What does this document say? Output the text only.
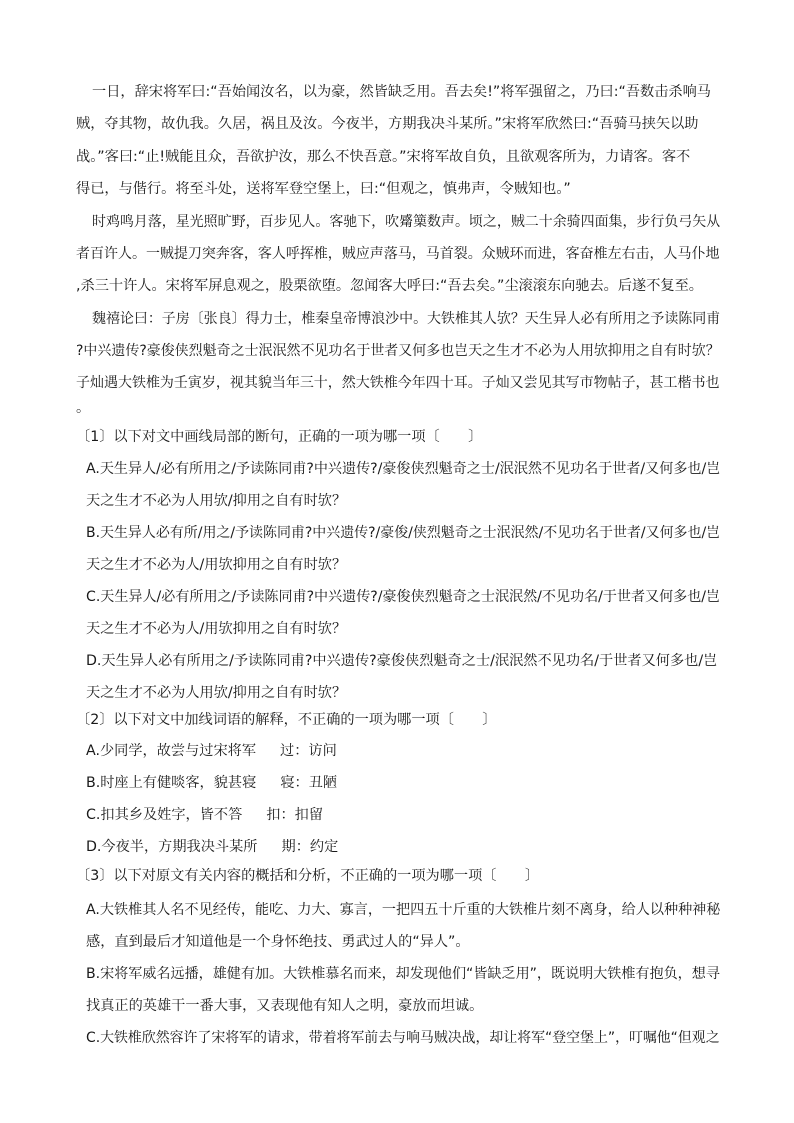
一日，辞宋将军曰:“吾始闻汝名，以为豪，然皆缺乏用。吾去矣!”将军强留之，乃曰:“吾数击杀响马
贼，夺其物，故仇我。久居，祸且及汝。今夜半，方期我决斗某所。”宋将军欣然曰:“吾骑马挟矢以助
战。”客曰:“止!贼能且众，吾欲护汝，那么不快吾意。”宋将军故自负，且欲观客所为，力请客。客不
得已，与偕行。将至斗处，送将军登空堡上，曰:“但观之，慎弗声，令贼知也。”
时鸡鸣月落，星光照旷野，百步见人。客驰下，吹觱篥数声。顷之，贼二十余骑四面集，步行负弓矢从
者百许人。一贼提刀突奔客，客人呼挥椎，贼应声落马，马首裂。众贼环而进，客奋椎左右击，人马仆地
,杀三十许人。宋将军屏息观之，股栗欲堕。忽闻客大呼曰:“吾去矣。”尘滚滚东向驰去。后遂不复至。
魏禧论曰：子房〔张良〕得力士，椎秦皇帝博浪沙中。大铁椎其人欤？天生异人必有所用之予读陈同甫
?中兴遗传?豪俊侠烈魁奇之士泯泯然不见功名于世者又何多也岂天之生才不必为人用欤抑用之自有时欤？
子灿遇大铁椎为壬寅岁，视其貌当年三十，然大铁椎今年四十耳。子灿又尝见其写市物帖子，甚工楷书也
。
〔1〕以下对文中画线局部的断句，正确的一项为哪一项〔　　〕
A.天生异人/必有所用之/予读陈同甫?中兴遗传?/豪俊侠烈魁奇之士/泯泯然不见功名于世者/又何多也/岂
天之生才不必为人用欤/抑用之自有时欤？
B.天生异人必有所/用之/予读陈同甫?中兴遗传?/豪俊/侠烈魁奇之士泯泯然/不见功名于世者/又何多也/岂
天之生才不必为人/用欤抑用之自有时欤？
C.天生异人/必有所用之/予读陈同甫?中兴遗传?/豪俊侠烈魁奇之士泯泯然/不见功名/于世者又何多也/岂
天之生才不必为人/用欤抑用之自有时欤？
D.天生异人必有所用之/予读陈同甫?中兴遗传?豪俊侠烈魁奇之士/泯泯然不见功名/于世者又何多也/岂
天之生才不必为人用欤/抑用之自有时欤？
〔2〕以下对文中加线词语的解释，不正确的一项为哪一项〔　　〕
A.少同学，故尝与过宋将军 过：访问
B.时座上有健啖客，貌甚寝 寝：丑陋
C.扣其乡及姓字，皆不答 扣：扣留
D.今夜半，方期我决斗某所 期：约定
〔3〕以下对原文有关内容的概括和分析，不正确的一项为哪一项〔　　〕
A.大铁椎其人名不见经传，能吃、力大、寡言，一把四五十斤重的大铁椎片刻不离身，给人以种种神秘
感，直到最后才知道他是一个身怀绝技、勇武过人的“异人”。
B.宋将军威名远播，雄健有加。大铁椎慕名而来，却发现他们“皆缺乏用”，既说明大铁椎有抱负，想寻
找真正的英雄干一番大事，又表现他有知人之明，豪放而坦诚。
C.大铁椎欣然容许了宋将军的请求，带着将军前去与响马贼决战，却让将军“登空堡上”，叮嘱他“但观之
